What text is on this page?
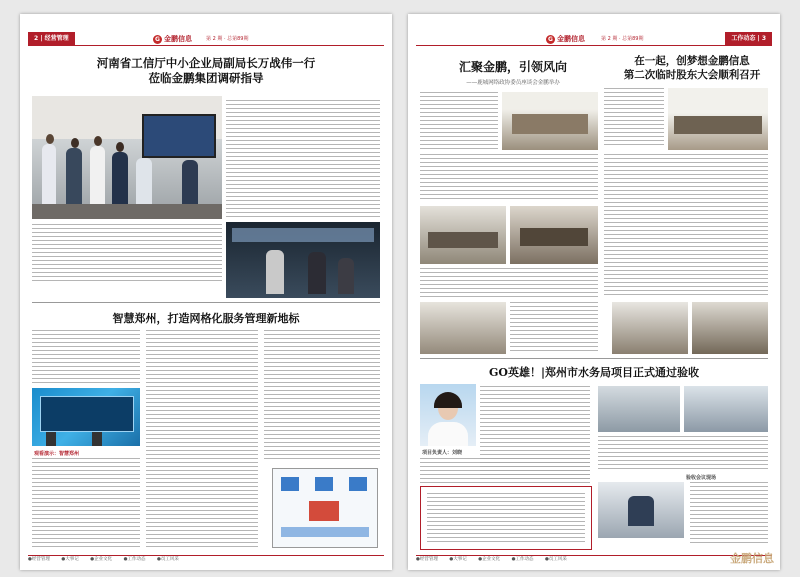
2 | 经营管理	G 金鹏信息	第 2 期 · 总第89期
河南省工信厅中小企业局副局长万战伟一行
莅临金鹏集团调研指导
智慧郑州，打造网格化服务管理新地标
观看演示：智慧郑州
●经营管理	●大事记	●企业文化	●工作动态	●员工风采
G 金鹏信息	第 2 期 · 总第89期	工作动态 | 3
汇聚金鹏，引领风向
——鹿城网络政协委员座谈会金鹏举办
在一起，创梦想金鹏信息
第二次临时股东大会顺利召开
GO英雄！|郑州市水务局项目正式通过验收
项目负责人：刘晓
验收会议现场
●经营管理	●大事记	●企业文化	●工作动态	●员工风采	金鹏信息
